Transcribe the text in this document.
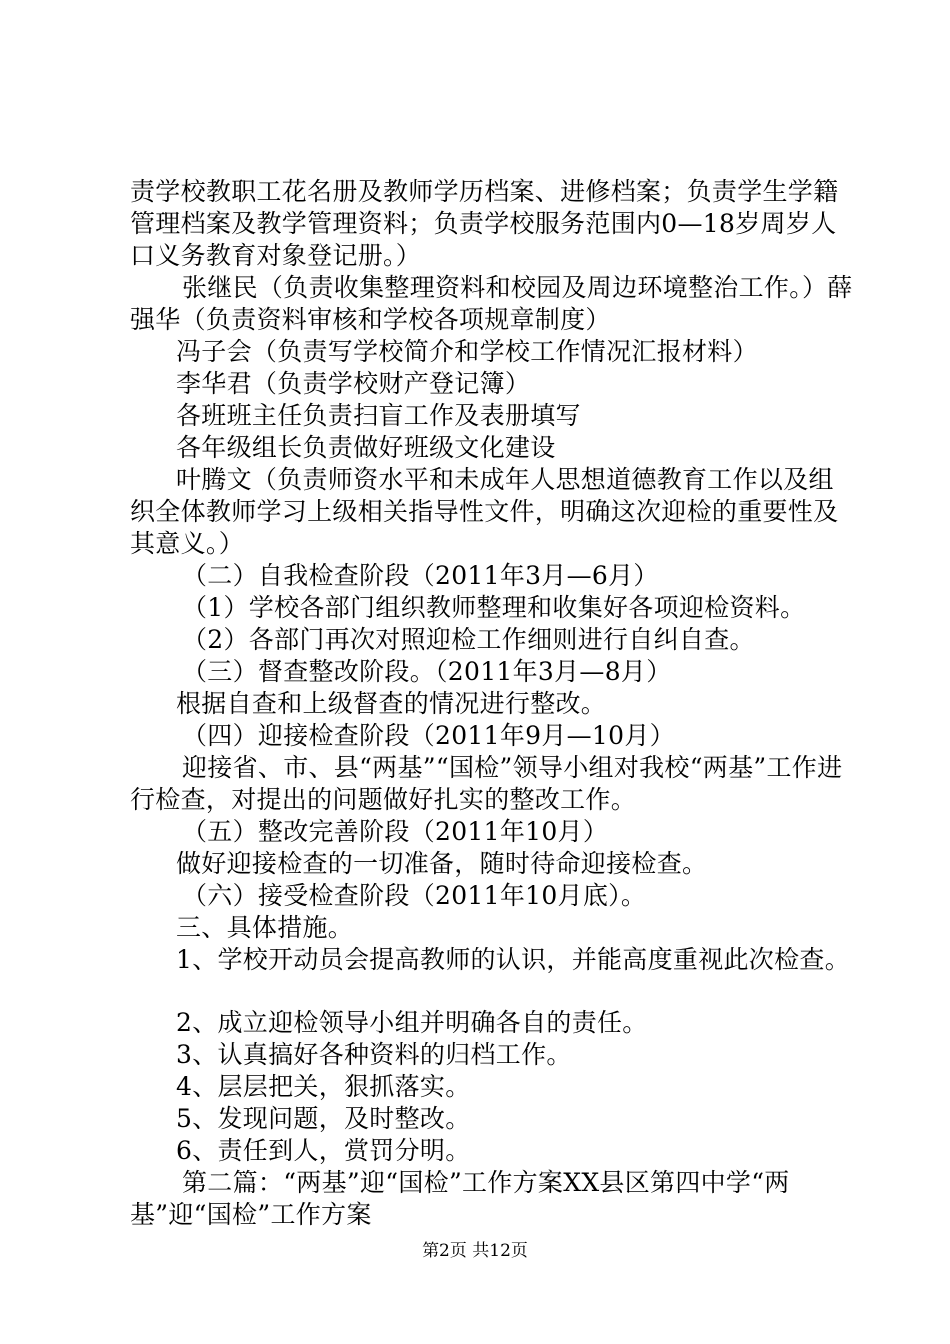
责学校教职工花名册及教师学历档案、进修档案；负责学生学籍管理档案及教学管理资料；负责学校服务范围内0—18岁周岁人口义务教育对象登记册。）

张继民（负责收集整理资料和校园及周边环境整治工作。）薛强华（负责资料审核和学校各项规章制度）

冯子会（负责写学校简介和学校工作情况汇报材料）

李华君（负责学校财产登记簿）

各班班主任负责扫盲工作及表册填写

各年级组长负责做好班级文化建设

叶腾文（负责师资水平和未成年人思想道德教育工作以及组织全体教师学习上级相关指导性文件，明确这次迎检的重要性及其意义。）

（二）自我检查阶段（2011年3月—6月）

（1）学校各部门组织教师整理和收集好各项迎检资料。

（2）各部门再次对照迎检工作细则进行自纠自查。

（三）督查整改阶段。（2011年3月—8月）

根据自查和上级督查的情况进行整改。

（四）迎接检查阶段（2011年9月—10月）

迎接省、市、县“两基”“国检”领导小组对我校“两基”工作进行检查，对提出的问题做好扎实的整改工作。

（五）整改完善阶段（2011年10月）

做好迎接检查的一切准备，随时待命迎接检查。

（六）接受检查阶段（2011年10月底）。

三、具体措施。

1、学校开动员会提高教师的认识，并能高度重视此次检查。

2、成立迎检领导小组并明确各自的责任。

3、认真搞好各种资料的归档工作。

4、层层把关，狠抓落实。

5、发现问题，及时整改。

6、责任到人，赏罚分明。

第二篇：“两基”迎“国检”工作方案XX县区第四中学“两基”迎“国检”工作方案

第2页 共12页
